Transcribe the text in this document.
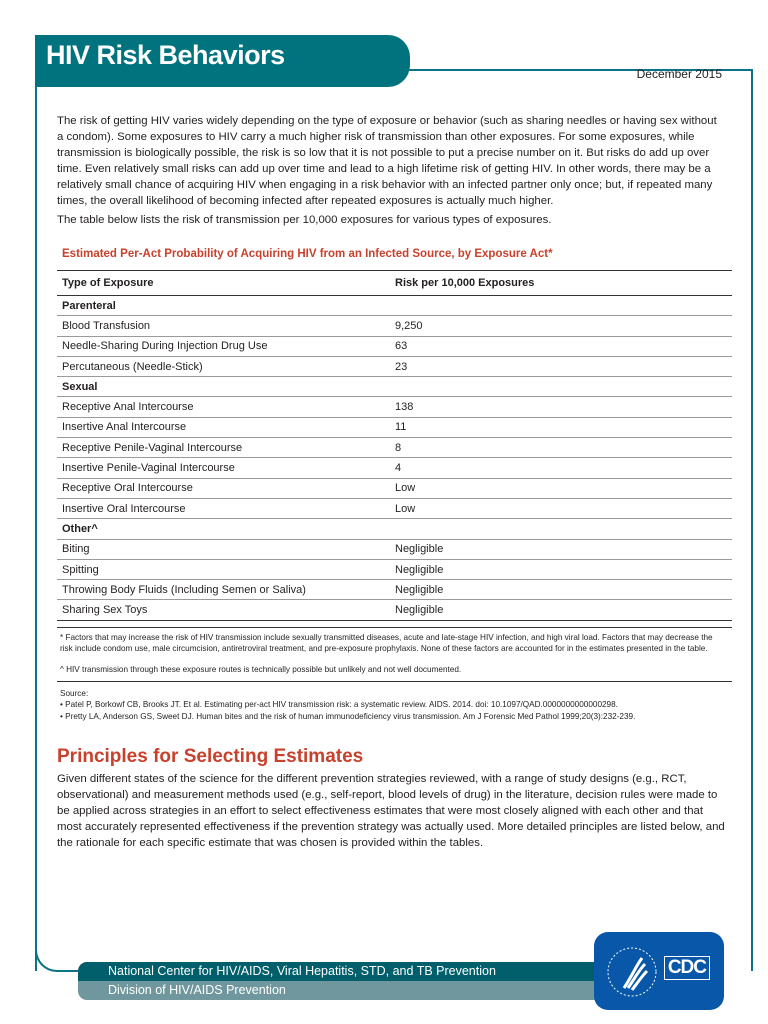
HIV Risk Behaviors
December 2015
The risk of getting HIV varies widely depending on the type of exposure or behavior (such as sharing needles or having sex without a condom). Some exposures to HIV carry a much higher risk of transmission than other exposures. For some exposures, while transmission is biologically possible, the risk is so low that it is not possible to put a precise number on it. But risks do add up over time. Even relatively small risks can add up over time and lead to a high lifetime risk of getting HIV. In other words, there may be a relatively small chance of acquiring HIV when engaging in a risk behavior with an infected partner only once; but, if repeated many times, the overall likelihood of becoming infected after repeated exposures is actually much higher.
The table below lists the risk of transmission per 10,000 exposures for various types of exposures.
Estimated Per-Act Probability of Acquiring HIV from an Infected Source, by Exposure Act*
Type of Exposure	Risk per 10,000 Exposures
Parenteral	
Blood Transfusion	9,250
Needle-Sharing During Injection Drug Use	63
Percutaneous (Needle-Stick)	23
Sexual	
Receptive Anal Intercourse	138
Insertive Anal Intercourse	11
Receptive Penile-Vaginal Intercourse	8
Insertive Penile-Vaginal Intercourse	4
Receptive Oral Intercourse	Low
Insertive Oral Intercourse	Low
Other^	
Biting	Negligible
Spitting	Negligible
Throwing Body Fluids (Including Semen or Saliva)	Negligible
Sharing Sex Toys	Negligible
* Factors that may increase the risk of HIV transmission include sexually transmitted diseases, acute and late-stage HIV infection, and high viral load. Factors that may decrease the risk include condom use, male circumcision, antiretroviral treatment, and pre-exposure prophylaxis. None of these factors are accounted for in the estimates presented in the table.
^ HIV transmission through these exposure routes is technically possible but unlikely and not well documented.
Source:
• Patel P, Borkowf CB, Brooks JT. Et al. Estimating per-act HIV transmission risk: a systematic review. AIDS. 2014. doi: 10.1097/QAD.0000000000000298.
• Pretty LA, Anderson GS, Sweet DJ. Human bites and the risk of human immunodeficiency virus transmission. Am J Forensic Med Pathol 1999;20(3):232-239.
Principles for Selecting Estimates
Given different states of the science for the different prevention strategies reviewed, with a range of study designs (e.g., RCT, observational) and measurement methods used (e.g., self-report, blood levels of drug) in the literature, decision rules were made to be applied across strategies in an effort to select effectiveness estimates that were most closely aligned with each other and that most accurately represented effectiveness if the prevention strategy was actually used. More detailed principles are listed below, and the rationale for each specific estimate that was chosen is provided within the tables.
National Center for HIV/AIDS, Viral Hepatitis, STD, and TB Prevention
Division of HIV/AIDS Prevention
CDC
